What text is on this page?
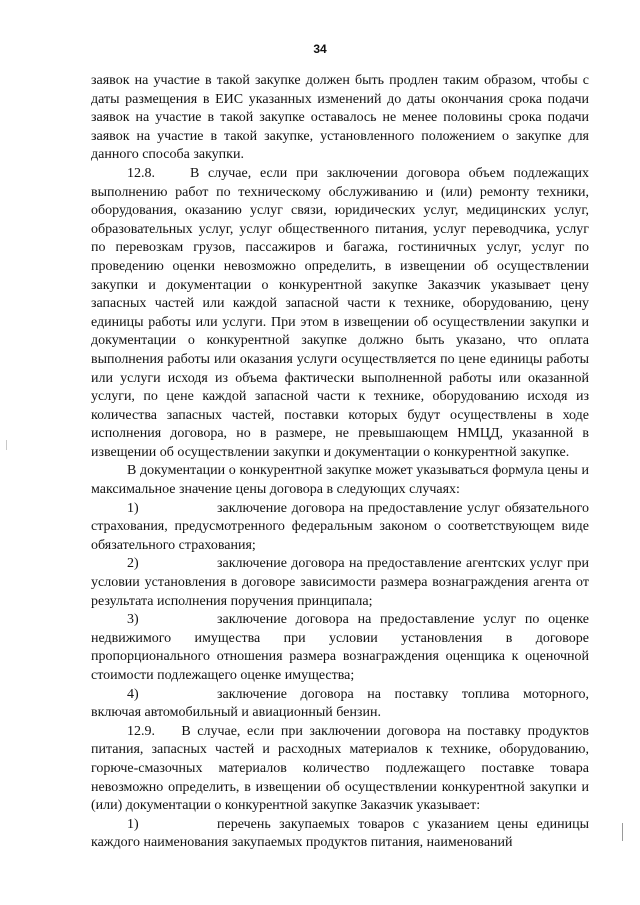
34

заявок на участие в такой закупке должен быть продлен таким образом, чтобы с даты размещения в ЕИС указанных изменений до даты окончания срока подачи заявок на участие в такой закупке оставалось не менее половины срока подачи заявок на участие в такой закупке, установленного положением о закупке для данного способа закупки.

12.8.    В случае, если при заключении договора объем подлежащих выполнению работ по техническому обслуживанию и (или) ремонту техники, оборудования, оказанию услуг связи, юридических услуг, медицинских услуг, образовательных услуг, услуг общественного питания, услуг переводчика, услуг по перевозкам грузов, пассажиров и багажа, гостиничных услуг, услуг по проведению оценки невозможно определить, в извещении об осуществлении закупки и документации о конкурентной закупке Заказчик указывает цену запасных частей или каждой запасной части к технике, оборудованию, цену единицы работы или услуги. При этом в извещении об осуществлении закупки и документации о конкурентной закупке должно быть указано, что оплата выполнения работы или оказания услуги осуществляется по цене единицы работы или услуги исходя из объема фактически выполненной работы или оказанной услуги, по цене каждой запасной части к технике, оборудованию исходя из количества запасных частей, поставки которых будут осуществлены в ходе исполнения договора, но в размере, не превышающем НМЦД, указанной в извещении об осуществлении закупки и документации о конкурентной закупке.

В документации о конкурентной закупке может указываться формула цены и максимальное значение цены договора в следующих случаях:

1)	заключение договора на предоставление услуг обязательного страхования, предусмотренного федеральным законом о соответствующем виде обязательного страхования;

2)	заключение договора на предоставление агентских услуг при условии установления в договоре зависимости размера вознаграждения агента от результата исполнения поручения принципала;

3)	заключение договора на предоставление услуг по оценке недвижимого имущества при условии установления в договоре пропорционального отношения размера вознаграждения оценщика к оценочной стоимости подлежащего оценке имущества;

4)	заключение договора на поставку топлива моторного, включая автомобильный и авиационный бензин.

12.9.    В случае, если при заключении договора на поставку продуктов питания, запасных частей и расходных материалов к технике, оборудованию, горюче-смазочных материалов количество подлежащего поставке товара невозможно определить, в извещении об осуществлении конкурентной закупки и (или) документации о конкурентной закупке Заказчик указывает:

1)	перечень закупаемых товаров с указанием цены единицы каждого наименования закупаемых продуктов питания, наименований
